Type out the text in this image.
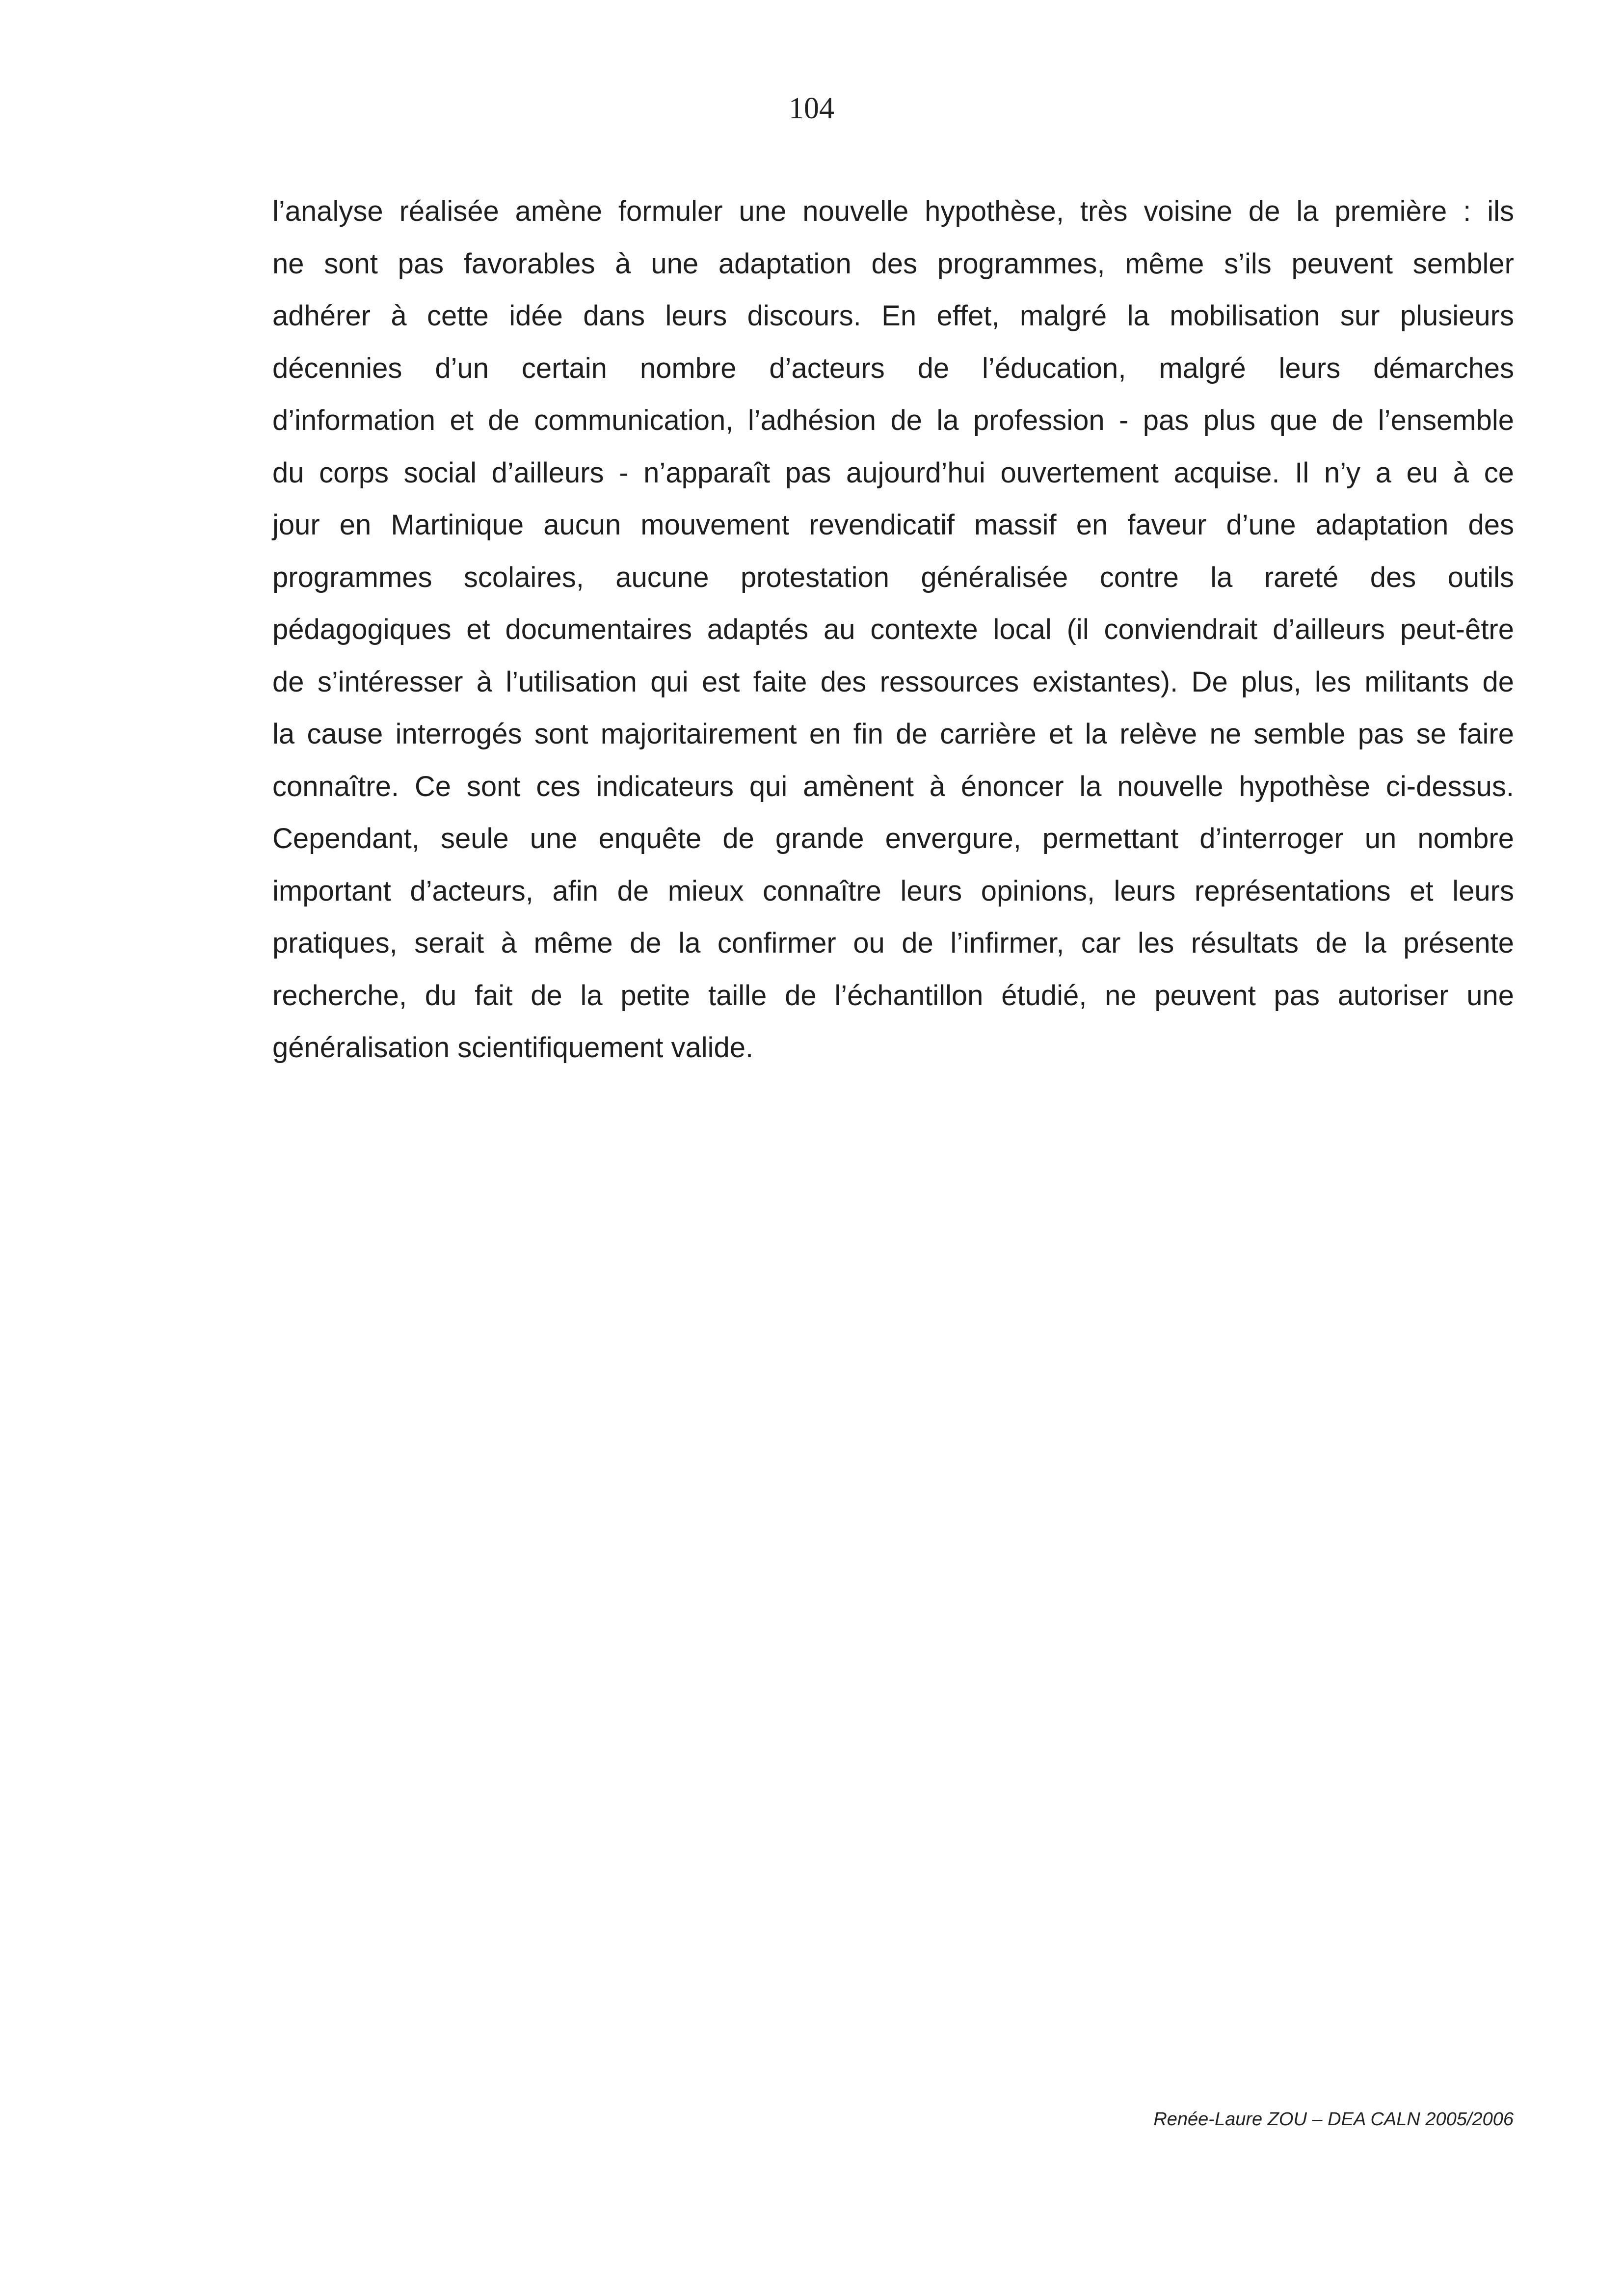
104
l’analyse réalisée amène formuler une nouvelle hypothèse, très voisine de la première : ils
ne sont pas favorables à une adaptation des programmes, même s’ils peuvent sembler
adhérer à cette idée dans leurs discours. En effet, malgré la mobilisation sur plusieurs
décennies d’un certain nombre d’acteurs de l’éducation, malgré leurs démarches
d’information et de communication, l’adhésion de la profession - pas plus que de l’ensemble
du corps social d’ailleurs - n’apparaît pas aujourd’hui ouvertement acquise. Il n’y a eu à ce
jour en Martinique aucun mouvement revendicatif massif en faveur d’une adaptation des
programmes scolaires, aucune protestation généralisée contre la rareté des outils
pédagogiques et documentaires adaptés au contexte local (il conviendrait d’ailleurs peut-être
de s’intéresser à l’utilisation qui est faite des ressources existantes). De plus, les militants de
la cause interrogés sont majoritairement en fin de carrière et la relève ne semble pas se faire
connaître. Ce sont ces indicateurs qui amènent à énoncer la nouvelle hypothèse ci-dessus.
Cependant, seule une enquête de grande envergure, permettant d’interroger un nombre
important d’acteurs, afin de mieux connaître leurs opinions, leurs représentations et leurs
pratiques, serait à même de la confirmer ou de l’infirmer, car les résultats de la présente
recherche, du fait de la petite taille de l’échantillon étudié, ne peuvent pas autoriser une
généralisation scientifiquement valide.
Renée-Laure ZOU – DEA CALN 2005/2006
